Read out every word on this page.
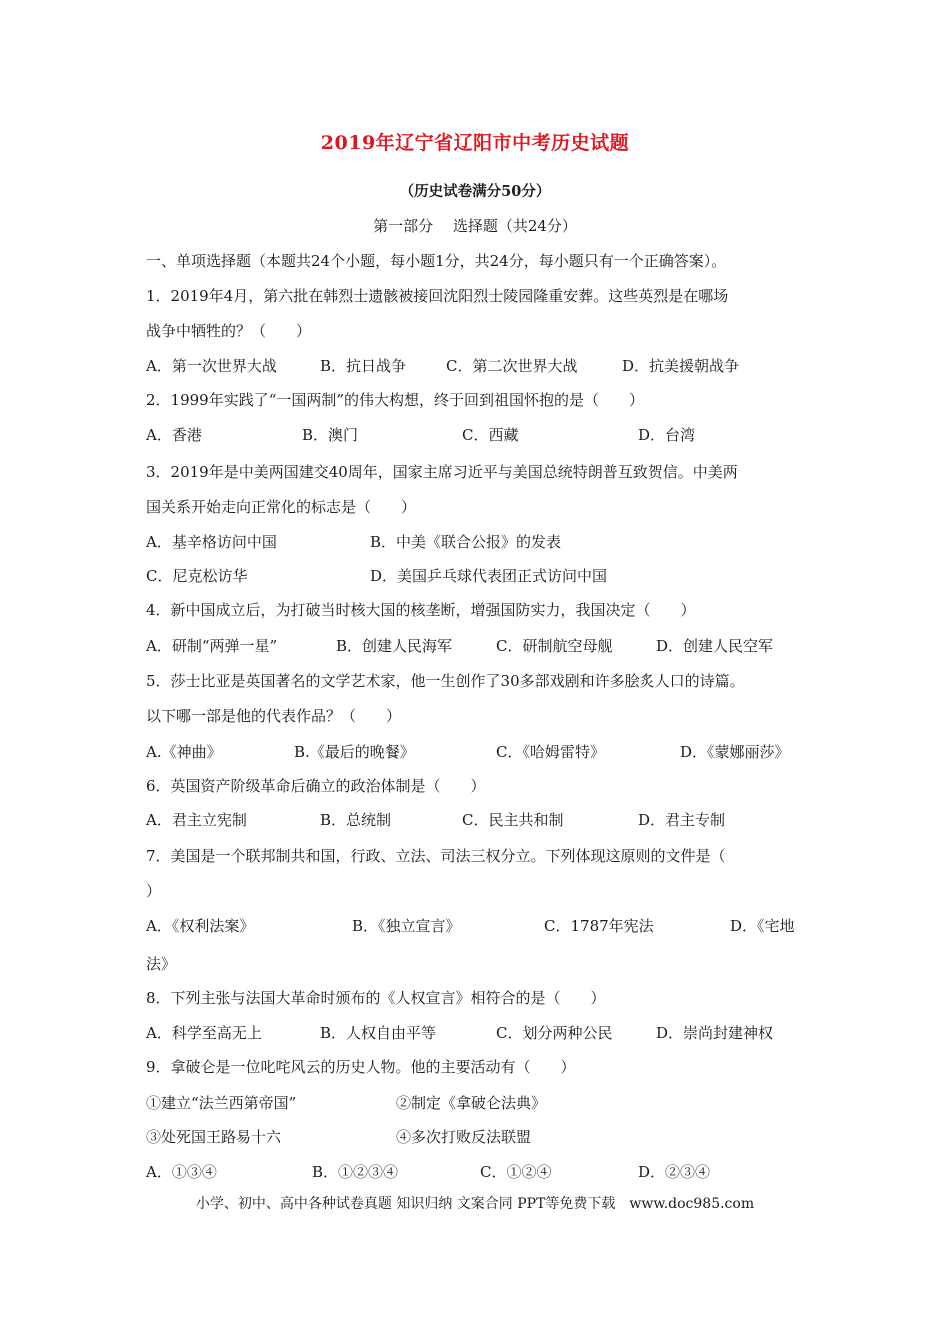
2019年辽宁省辽阳市中考历史试题
（历史试卷满分50分）
第一部分　 选择题（共24分）
一、单项选择题（本题共24个小题，每小题1分，共24分，每小题只有一个正确答案）。
1．2019年4月，第六批在韩烈士遗骸被接回沈阳烈士陵园隆重安葬。这些英烈是在哪场
战争中牺牲的？（　　）
A．第一次世界大战	B．抗日战争	C．第二次世界大战	D．抗美援朝战争
2．1999年实践了“一国两制”的伟大构想，终于回到祖国怀抱的是（　　）
A．香港	B．澳门	C．西藏	D．台湾
3．2019年是中美两国建交40周年，国家主席习近平与美国总统特朗普互致贺信。中美两
国关系开始走向正常化的标志是（　　）
A．基辛格访问中国	B．中美《联合公报》的发表
C．尼克松访华	D．美国乒乓球代表团正式访问中国
4．新中国成立后，为打破当时核大国的核垄断，增强国防实力，我国决定（　　）
A．研制“两弹一星”	B．创建人民海军	C．研制航空母舰	D．创建人民空军
5．莎士比亚是英国著名的文学艺术家，他一生创作了30多部戏剧和许多脍炙人口的诗篇。
以下哪一部是他的代表作品？（　　）
A.《神曲》	B.《最后的晚餐》	C．《哈姆雷特》	D．《蒙娜丽莎》
6．英国资产阶级革命后确立的政治体制是（　　）
A．君主立宪制	B．总统制	C．民主共和制	D．君主专制
7．美国是一个联邦制共和国，行政、立法、司法三权分立。下列体现这原则的文件是（
）
A．《权利法案》	B．《独立宣言》	C．1787年宪法	D．《宅地
法》
8．下列主张与法国大革命时颁布的《人权宣言》相符合的是（　　）
A．科学至高无上	B．人权自由平等	C．划分两种公民	D．崇尚封建神权
9．拿破仑是一位叱咤风云的历史人物。他的主要活动有（　　）
①建立“法兰西第帝国”	②制定《拿破仑法典》
③处死国王路易十六	④多次打败反法联盟
A．①③④	B．①②③④	C．①②④	D．②③④
小学、初中、高中各种试卷真题 知识归纳 文案合同 PPT等免费下载　www.doc985.com
